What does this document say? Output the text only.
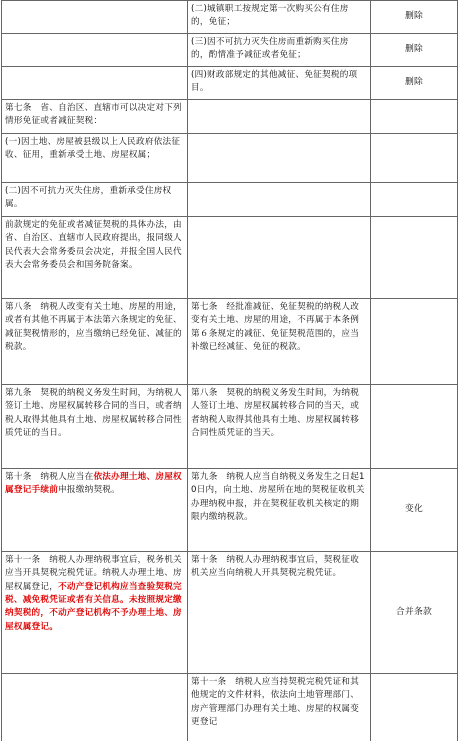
	(二)城镇职工按规定第一次购买公有住房的，免征；	删除
	(三)因不可抗力灭失住房而重新购买住房的，酌情准予减征或者免征；	删除
	(四)财政部规定的其他减征、免征契税的项目。	删除
第七条　省、自治区、直辖市可以决定对下列情形免征或者减征契税：		
(一)因土地、房屋被县级以上人民政府依法征收、征用，重新承受土地、房屋权属；		
(二)因不可抗力灭失住房，重新承受住房权属。		
前款规定的免征或者减征契税的具体办法，由省、自治区、直辖市人民政府提出，报同级人民代表大会常务委员会决定，并报全国人民代表大会常务委员会和国务院备案。		
第八条　纳税人改变有关土地、房屋的用途，或者有其他不再属于本法第六条规定的免征、减征契税情形的，应当缴纳已经免征、减征的税款。	第七条　经批准减征、免征契税的纳税人改变有关土地、房屋的用途，不再属于本条例第６条规定的减征、免征契税范围的，应当补缴已经减征、免征的税款。	
第九条　契税的纳税义务发生时间，为纳税人签订土地、房屋权属转移合同的当日，或者纳税人取得其他具有土地、房屋权属转移合同性质凭证的当日。	第八条　契税的纳税义务发生时间，为纳税人签订土地、房屋权属转移合同的当天，或者纳税人取得其他具有土地、房屋权属转移合同性质凭证的当天。	
第十条　纳税人应当在依法办理土地、房屋权属登记手续前申报缴纳契税。	第九条　纳税人应当自纳税义务发生之日起10日内，向土地、房屋所在地的契税征收机关办理纳税申报，并在契税征收机关核定的期限内缴纳税款。	变化
第十一条　纳税人办理纳税事宜后，税务机关应当开具契税完税凭证。纳税人办理土地、房屋权属登记，不动产登记机构应当查验契税完税、减免税凭证或者有关信息。未按照规定缴纳契税的，不动产登记机构不予办理土地、房屋权属登记。	第十条　纳税人办理纳税事宜后，契税征收机关应当向纳税人开具契税完税凭证。	合并条款
	第十一条　纳税人应当持契税完税凭证和其他规定的文件材料，依法向土地管理部门、房产管理部门办理有关土地、房屋的权属变更登记	
